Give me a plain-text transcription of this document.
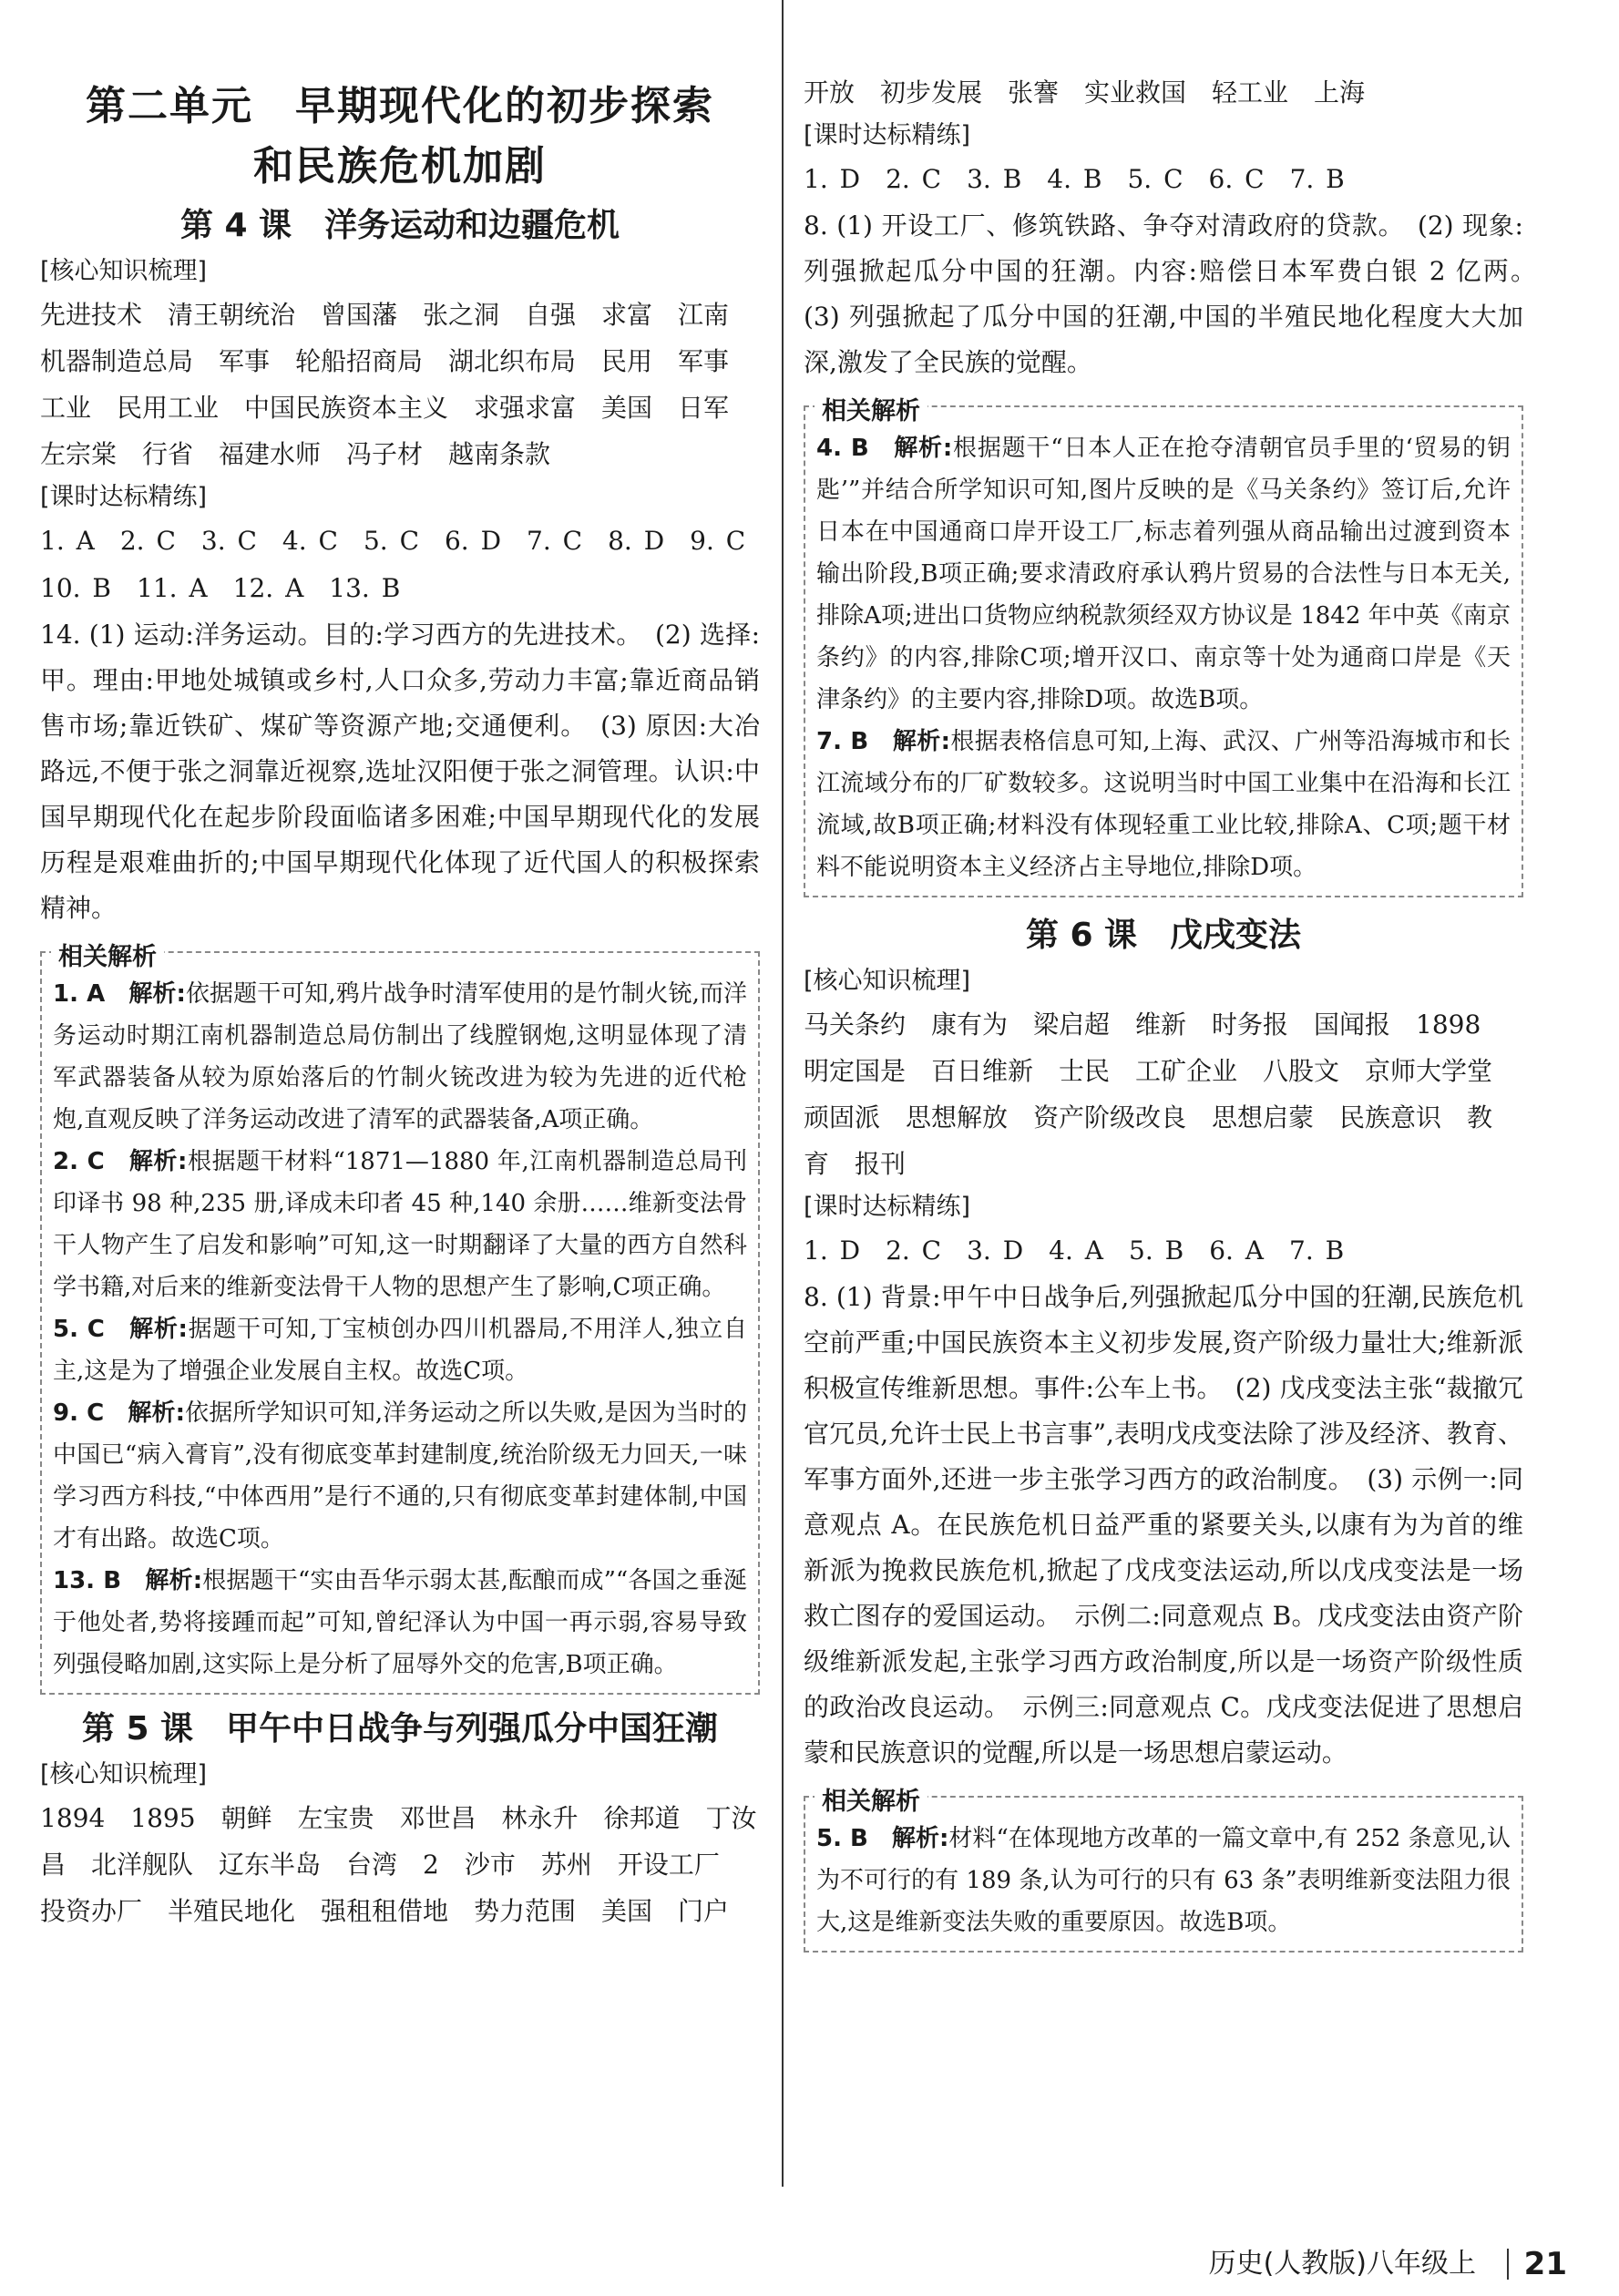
第二单元　早期现代化的初步探索
和民族危机加剧
第 4 课　洋务运动和边疆危机
[核心知识梳理]

先进技术　清王朝统治　曾国藩　张之洞　自强　求富　江南

机器制造总局　军事　轮船招商局　湖北织布局　民用　军事

工业　民用工业　中国民族资本主义　求强求富　美国　日军

左宗棠　行省　福建水师　冯子材　越南条款

[课时达标精练]

1. A　2. C　3. C　4. C　5. C　6. D　7. C　8. D　9. C

10. B　11. A　12. A　13. B

14. (1) 运动:洋务运动。目的:学习西方的先进技术。　(2) 选择:甲。理由:甲地处城镇或乡村,人口众多,劳动力丰富;靠近商品销售市场;靠近铁矿、煤矿等资源产地;交通便利。　(3) 原因:大冶路远,不便于张之洞靠近视察,选址汉阳便于张之洞管理。认识:中国早期现代化在起步阶段面临诸多困难;中国早期现代化的发展历程是艰难曲折的;中国早期现代化体现了近代国人的积极探索精神。

相关解析

1. A　解析:依据题干可知,鸦片战争时清军使用的是竹制火铳,而洋务运动时期江南机器制造总局仿制出了线膛钢炮,这明显体现了清军武器装备从较为原始落后的竹制火铳改进为较为先进的近代枪炮,直观反映了洋务运动改进了清军的武器装备,A项正确。

2. C　解析:根据题干材料“1871—1880 年,江南机器制造总局刊印译书 98 种,235 册,译成未印者 45 种,140 余册……维新变法骨干人物产生了启发和影响”可知,这一时期翻译了大量的西方自然科学书籍,对后来的维新变法骨干人物的思想产生了影响,C项正确。

5. C　解析:据题干可知,丁宝桢创办四川机器局,不用洋人,独立自主,这是为了增强企业发展自主权。故选C项。

9. C　解析:依据所学知识可知,洋务运动之所以失败,是因为当时的中国已“病入膏肓”,没有彻底变革封建制度,统治阶级无力回天,一味学习西方科技,“中体西用”是行不通的,只有彻底变革封建体制,中国才有出路。故选C项。

13. B　解析:根据题干“实由吾华示弱太甚,酝酿而成”“各国之垂涎于他处者,势将接踵而起”可知,曾纪泽认为中国一再示弱,容易导致列强侵略加剧,这实际上是分析了屈辱外交的危害,B项正确。

第 5 课　甲午中日战争与列强瓜分中国狂潮
[核心知识梳理]

1894　1895　朝鲜　左宝贵　邓世昌　林永升　徐邦道　丁汝

昌　北洋舰队　辽东半岛　台湾　2　沙市　苏州　开设工厂

投资办厂　半殖民地化　强租租借地　势力范围　美国　门户

开放　初步发展　张謇　实业救国　轻工业　上海

[课时达标精练]

1. D　2. C　3. B　4. B　5. C　6. C　7. B

8. (1) 开设工厂、修筑铁路、争夺对清政府的贷款。　(2) 现象:列强掀起瓜分中国的狂潮。内容:赔偿日本军费白银 2 亿两。　(3) 列强掀起了瓜分中国的狂潮,中国的半殖民地化程度大大加深,激发了全民族的觉醒。

相关解析

4. B　解析:根据题干“日本人正在抢夺清朝官员手里的‘贸易的钥匙’”并结合所学知识可知,图片反映的是《马关条约》签订后,允许日本在中国通商口岸开设工厂,标志着列强从商品输出过渡到资本输出阶段,B项正确;要求清政府承认鸦片贸易的合法性与日本无关,排除A项;进出口货物应纳税款须经双方协议是 1842 年中英《南京条约》的内容,排除C项;增开汉口、南京等十处为通商口岸是《天津条约》的主要内容,排除D项。故选B项。

7. B　解析:根据表格信息可知,上海、武汉、广州等沿海城市和长江流域分布的厂矿数较多。这说明当时中国工业集中在沿海和长江流域,故B项正确;材料没有体现轻重工业比较,排除A、C项;题干材料不能说明资本主义经济占主导地位,排除D项。

第 6 课　戊戌变法
[核心知识梳理]

马关条约　康有为　梁启超　维新　时务报　国闻报　1898

明定国是　百日维新　士民　工矿企业　八股文　京师大学堂

顽固派　思想解放　资产阶级改良　思想启蒙　民族意识　教

育　报刊

[课时达标精练]

1. D　2. C　3. D　4. A　5. B　6. A　7. B

8. (1) 背景:甲午中日战争后,列强掀起瓜分中国的狂潮,民族危机空前严重;中国民族资本主义初步发展,资产阶级力量壮大;维新派积极宣传维新思想。事件:公车上书。　(2) 戊戌变法主张“裁撤冗官冗员,允许士民上书言事”,表明戊戌变法除了涉及经济、教育、军事方面外,还进一步主张学习西方的政治制度。　(3) 示例一:同意观点 A。在民族危机日益严重的紧要关头,以康有为为首的维新派为挽救民族危机,掀起了戊戌变法运动,所以戊戌变法是一场救亡图存的爱国运动。　示例二:同意观点 B。戊戌变法由资产阶级维新派发起,主张学习西方政治制度,所以是一场资产阶级性质的政治改良运动。　示例三:同意观点 C。戊戌变法促进了思想启蒙和民族意识的觉醒,所以是一场思想启蒙运动。

相关解析

5. B　解析:材料“在体现地方改革的一篇文章中,有 252 条意见,认为不可行的有 189 条,认为可行的只有 63 条”表明维新变法阻力很大,这是维新变法失败的重要原因。故选B项。

历史(人教版)八年级上 21
